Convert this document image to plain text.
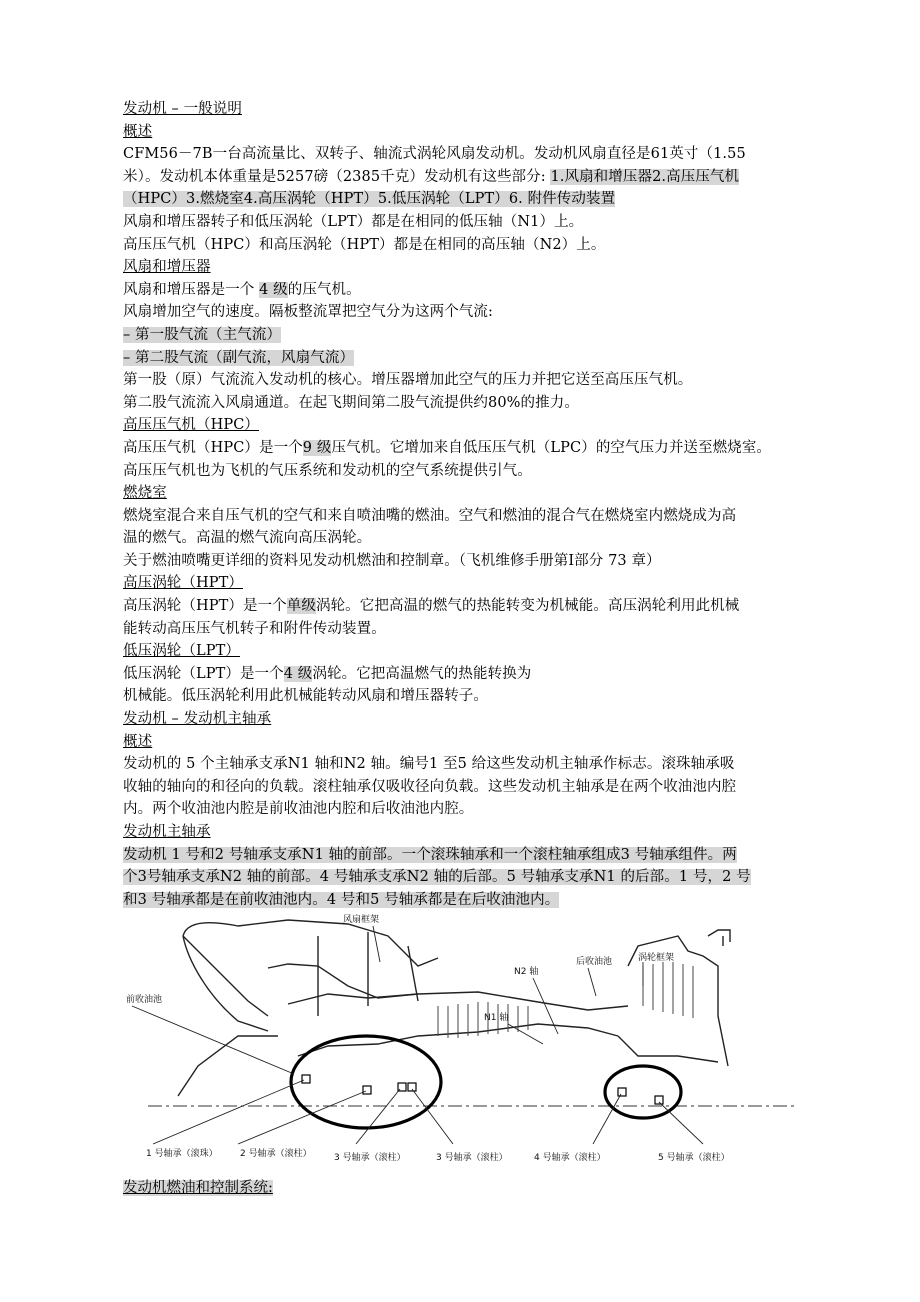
发动机 – 一般说明
概述
CFM56－7B一台高流量比、双转子、轴流式涡轮风扇发动机。发动机风扇直径是61英寸（1.55
米）。发动机本体重量是5257磅（2385千克）发动机有这些部分: 1.风扇和增压器2.高压压气机
（HPC）3.燃烧室4.高压涡轮（HPT）5.低压涡轮（LPT）6. 附件传动装置
风扇和增压器转子和低压涡轮（LPT）都是在相同的低压轴（N1）上。
高压压气机（HPC）和高压涡轮（HPT）都是在相同的高压轴（N2）上。
风扇和增压器
风扇和增压器是一个 4 级的压气机。
风扇增加空气的速度。隔板整流罩把空气分为这两个气流:
– 第一股气流（主气流）
– 第二股气流（副气流，风扇气流）
第一股（原）气流流入发动机的核心。增压器增加此空气的压力并把它送至高压压气机。
第二股气流流入风扇通道。在起飞期间第二股气流提供约80%的推力。
高压压气机（HPC）
高压压气机（HPC）是一个9 级压气机。它增加来自低压压气机（LPC）的空气压力并送至燃烧室。
高压压气机也为飞机的气压系统和发动机的空气系统提供引气。
燃烧室
燃烧室混合来自压气机的空气和来自喷油嘴的燃油。空气和燃油的混合气在燃烧室内燃烧成为高
温的燃气。高温的燃气流向高压涡轮。
关于燃油喷嘴更详细的资料见发动机燃油和控制章。（飞机维修手册第I部分 73 章）
高压涡轮（HPT）
高压涡轮（HPT）是一个单级涡轮。它把高温的燃气的热能转变为机械能。高压涡轮利用此机械
能转动高压压气机转子和附件传动装置。
低压涡轮（LPT）
低压涡轮（LPT）是一个4 级涡轮。它把高温燃气的热能转换为
机械能。低压涡轮利用此机械能转动风扇和增压器转子。
发动机 – 发动机主轴承
概述
发动机的 5 个主轴承支承N1 轴和N2 轴。编号1 至5 给这些发动机主轴承作标志。滚珠轴承吸
收轴的轴向的和径向的负载。滚柱轴承仅吸收径向负载。这些发动机主轴承是在两个收油池内腔
内。两个收油池内腔是前收油池内腔和后收油池内腔。
发动机主轴承
发动机 1 号和2 号轴承支承N1 轴的前部。一个滚珠轴承和一个滚柱轴承组成3 号轴承组件。两
个3号轴承支承N2 轴的前部。4 号轴承支承N2 轴的后部。5 号轴承支承N1 的后部。1 号，2 号
和3 号轴承都是在前收油池内。4 号和5 号轴承都是在后收油池内。
风扇框架
前收油池
N2 轴
N1 轴
后收油池	涡轮框架
1 号轴承（滚珠） 2 号轴承（滚柱） 3 号轴承（滚柱）	3 号轴承（滚柱）	4 号轴承（滚柱）	5 号轴承（滚柱）
发动机燃油和控制系统:
